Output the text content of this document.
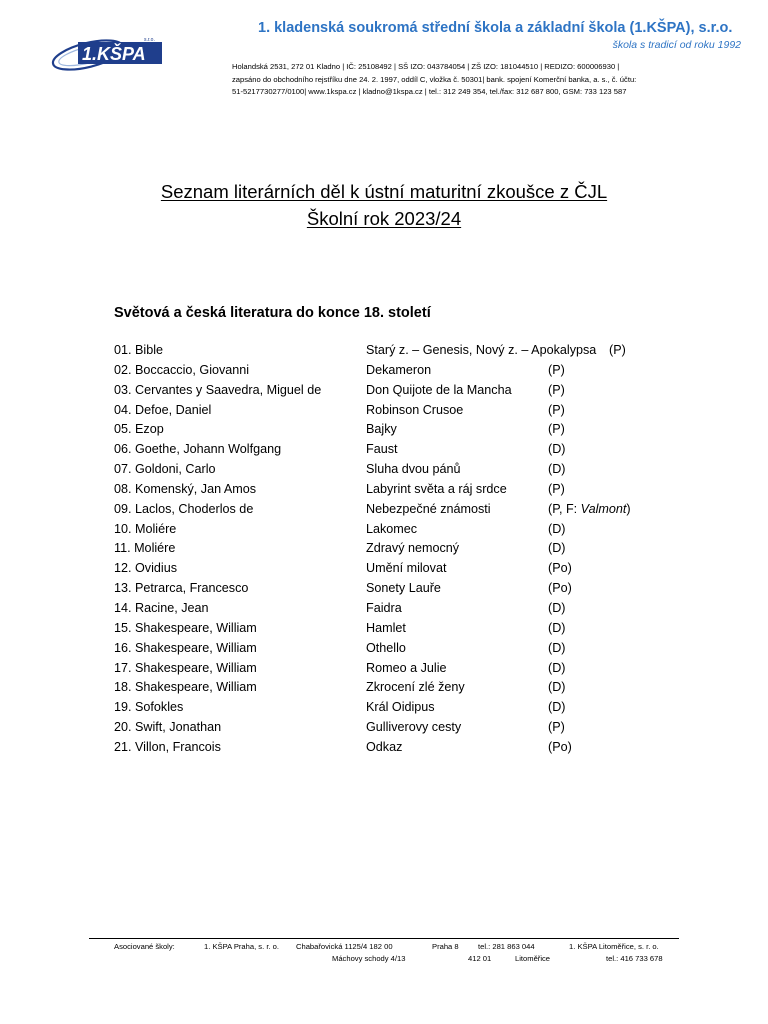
1.KŠPA
s.r.o.
1. kladenská soukromá střední škola a základní škola (1.KŠPA), s.r.o.
škola s tradicí od roku 1992
Holandská 2531, 272 01 Kladno | IČ: 25108492 | SŠ IZO: 043784054 | ZŠ IZO: 181044510 | REDIZO: 600006930 |
zapsáno do obchodního rejstříku dne 24. 2. 1997, oddíl C, vložka č. 50301| bank. spojení Komerční banka, a. s., č. účtu:
51-5217730277/0100| www.1kspa.cz | kladno@1kspa.cz | tel.: 312 249 354, tel./fax: 312 687 800, GSM: 733 123 587
Seznam literárních děl k ústní maturitní zkoušce z ČJL
Školní rok 2023/24
Světová a česká literatura do konce 18. století
01. Bible	Starý z. – Genesis, Nový z. – Apokalypsa (P)
02. Boccaccio, Giovanni	Dekameron	(P)
03. Cervantes y Saavedra, Miguel de	Don Quijote de la Mancha	(P)
04. Defoe, Daniel	Robinson Crusoe	(P)
05. Ezop	Bajky	(P)
06. Goethe, Johann Wolfgang	Faust	(D)
07. Goldoni, Carlo	Sluha dvou pánů	(D)
08. Komenský, Jan Amos	Labyrint světa a ráj srdce	(P)
09. Laclos, Choderlos de	Nebezpečné známosti	(P, F: Valmont)
10. Moliére	Lakomec	(D)
11. Moliére	Zdravý nemocný	(D)
12. Ovidius	Umění milovat	(Po)
13. Petrarca, Francesco	Sonety Lauře	(Po)
14. Racine, Jean	Faidra	(D)
15. Shakespeare, William	Hamlet	(D)
16. Shakespeare, William	Othello	(D)
17. Shakespeare, William	Romeo a Julie	(D)
18. Shakespeare, William	Zkrocení zlé ženy	(D)
19. Sofokles	Král Oidipus	(D)
20. Swift, Jonathan	Gulliverovy cesty	(P)
21. Villon, Francois	Odkaz	(Po)
Asociované školy:	1. KŠPA Praha, s. r. o. Chabařovická 1125/4 182 00	Praha 8	tel.: 281 863 044	1. KŠPA Litoměřice, s. r. o.
Máchovy schody 4/13	412 01	Litoměřice	tel.: 416 733 678
